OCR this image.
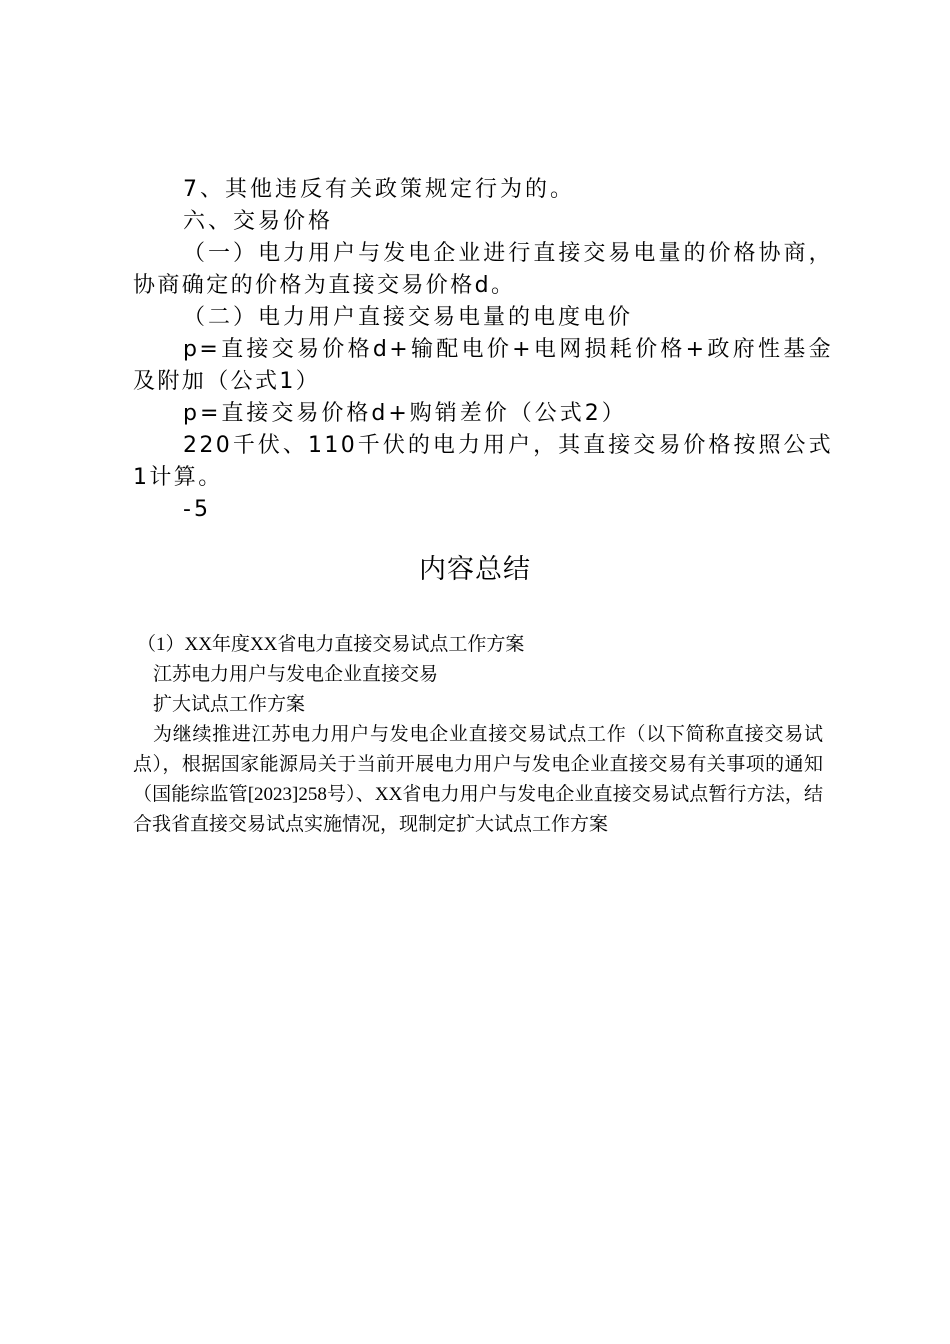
7、其他违反有关政策规定行为的。

六、交易价格

（一）电力用户与发电企业进行直接交易电量的价格协商，协商确定的价格为直接交易价格d。

（二）电力用户直接交易电量的电度电价

p=直接交易价格d+输配电价+电网损耗价格+政府性基金及附加（公式1）

p=直接交易价格d+购销差价（公式2）

220千伏、110千伏的电力用户，其直接交易价格按照公式1计算。

-5

内容总结

（1）XX年度XX省电力直接交易试点工作方案

江苏电力用户与发电企业直接交易

扩大试点工作方案

为继续推进江苏电力用户与发电企业直接交易试点工作（以下简称直接交易试点），根据国家能源局关于当前开展电力用户与发电企业直接交易有关事项的通知（国能综监管[2023]258号）、XX省电力用户与发电企业直接交易试点暂行方法，结合我省直接交易试点实施情况，现制定扩大试点工作方案
